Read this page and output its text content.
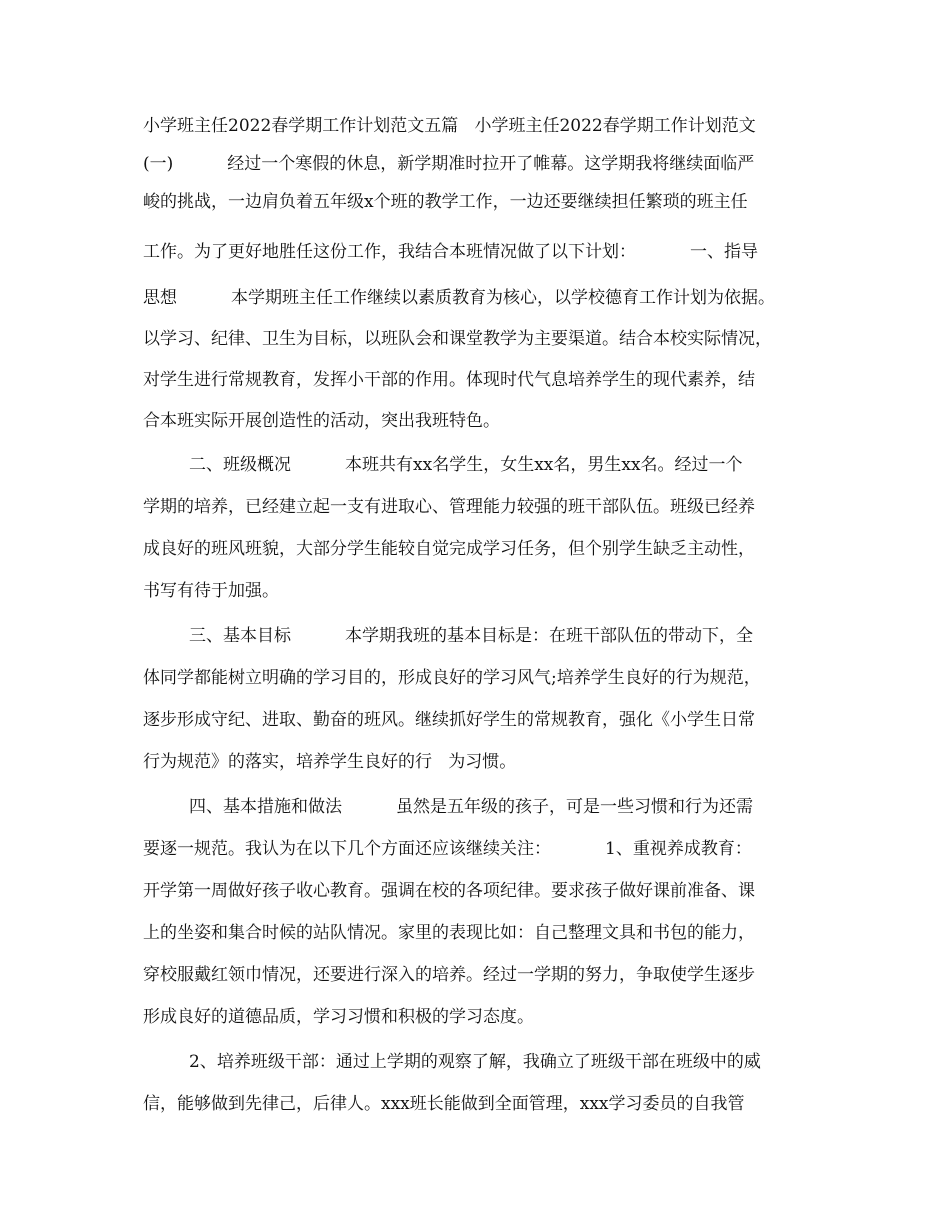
小学班主任2022春学期工作计划范文五篇   小学班主任2022春学期工作计划范文
(一)          经过一个寒假的休息，新学期准时拉开了帷幕。这学期我将继续面临严
峻的挑战，一边肩负着五年级x个班的教学工作，一边还要继续担任繁琐的班主任
工作。为了更好地胜任这份工作，我结合本班情况做了以下计划：          一、指导
思想          本学期班主任工作继续以素质教育为核心，以学校德育工作计划为依据。
以学习、纪律、卫生为目标，以班队会和课堂教学为主要渠道。结合本校实际情况，
对学生进行常规教育，发挥小干部的作用。体现时代气息培养学生的现代素养，结
合本班实际开展创造性的活动，突出我班特色。
二、班级概况          本班共有xx名学生，女生xx名，男生xx名。经过一个
学期的培养，已经建立起一支有进取心、管理能力较强的班干部队伍。班级已经养
成良好的班风班貌，大部分学生能较自觉完成学习任务，但个别学生缺乏主动性，
书写有待于加强。
三、基本目标          本学期我班的基本目标是：在班干部队伍的带动下，全
体同学都能树立明确的学习目的，形成良好的学习风气;培养学生良好的行为规范，
逐步形成守纪、进取、勤奋的班风。继续抓好学生的常规教育，强化《小学生日常
行为规范》的落实，培养学生良好的行   为习惯。
四、基本措施和做法          虽然是五年级的孩子，可是一些习惯和行为还需
要逐一规范。我认为在以下几个方面还应该继续关注：          1、重视养成教育：
开学第一周做好孩子收心教育。强调在校的各项纪律。要求孩子做好课前准备、课
上的坐姿和集合时候的站队情况。家里的表现比如：自己整理文具和书包的能力，
穿校服戴红领巾情况，还要进行深入的培养。经过一学期的努力，争取使学生逐步
形成良好的道德品质，学习习惯和积极的学习态度。
2、培养班级干部：通过上学期的观察了解，我确立了班级干部在班级中的威
信，能够做到先律己，后律人。xxx班长能做到全面管理，xxx学习委员的自我管
